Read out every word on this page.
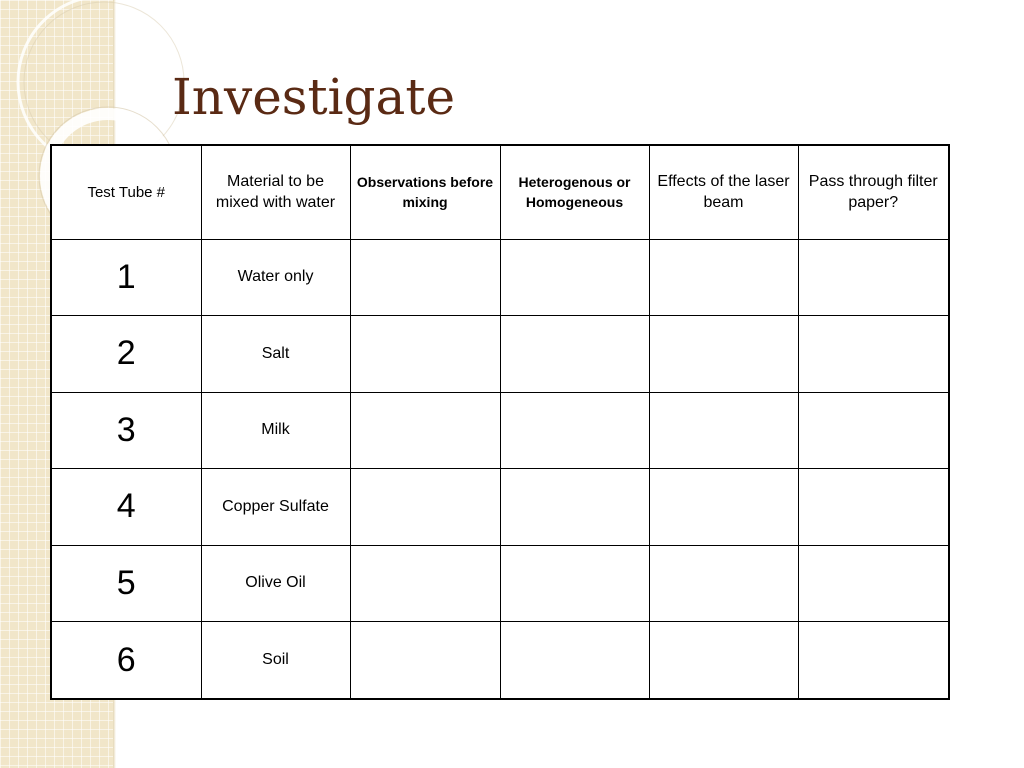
Investigate
Test Tube #	Material to be mixed with water	Observations before mixing	Heterogenous or Homogeneous	Effects of the laser beam	Pass through filter paper?
1	Water only				
2	Salt				
3	Milk				
4	Copper Sulfate				
5	Olive Oil				
6	Soil				
